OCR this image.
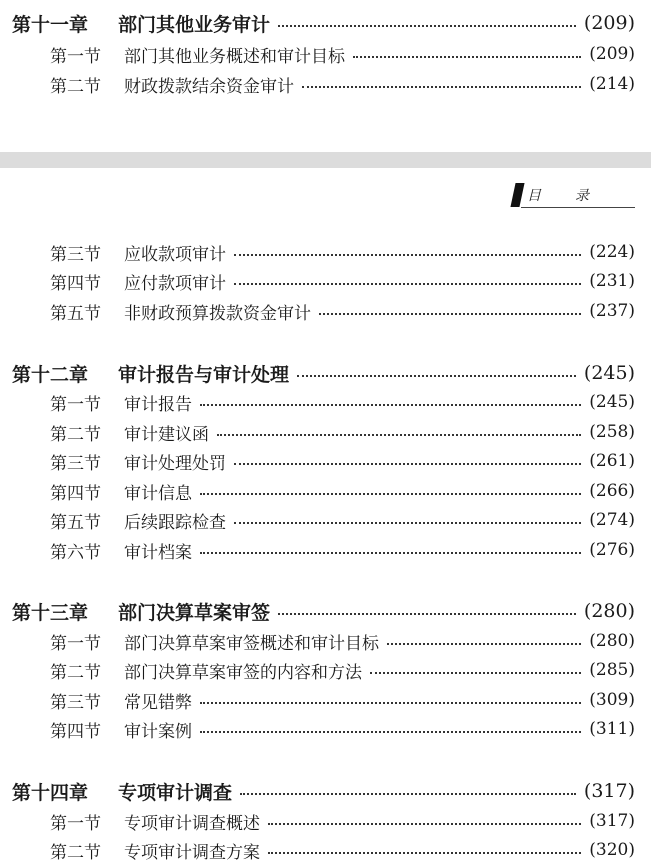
第十一章	部门其他业务审计	(209)
第一节	部门其他业务概述和审计目标	(209)
第二节	财政拨款结余资金审计	(214)
目录
第三节	应收款项审计	(224)
第四节	应付款项审计	(231)
第五节	非财政预算拨款资金审计	(237)
第十二章	审计报告与审计处理	(245)
第一节	审计报告	(245)
第二节	审计建议函	(258)
第三节	审计处理处罚	(261)
第四节	审计信息	(266)
第五节	后续跟踪检查	(274)
第六节	审计档案	(276)
第十三章	部门决算草案审签	(280)
第一节	部门决算草案审签概述和审计目标	(280)
第二节	部门决算草案审签的内容和方法	(285)
第三节	常见错弊	(309)
第四节	审计案例	(311)
第十四章	专项审计调查	(317)
第一节	专项审计调查概述	(317)
第二节	专项审计调查方案	(320)
